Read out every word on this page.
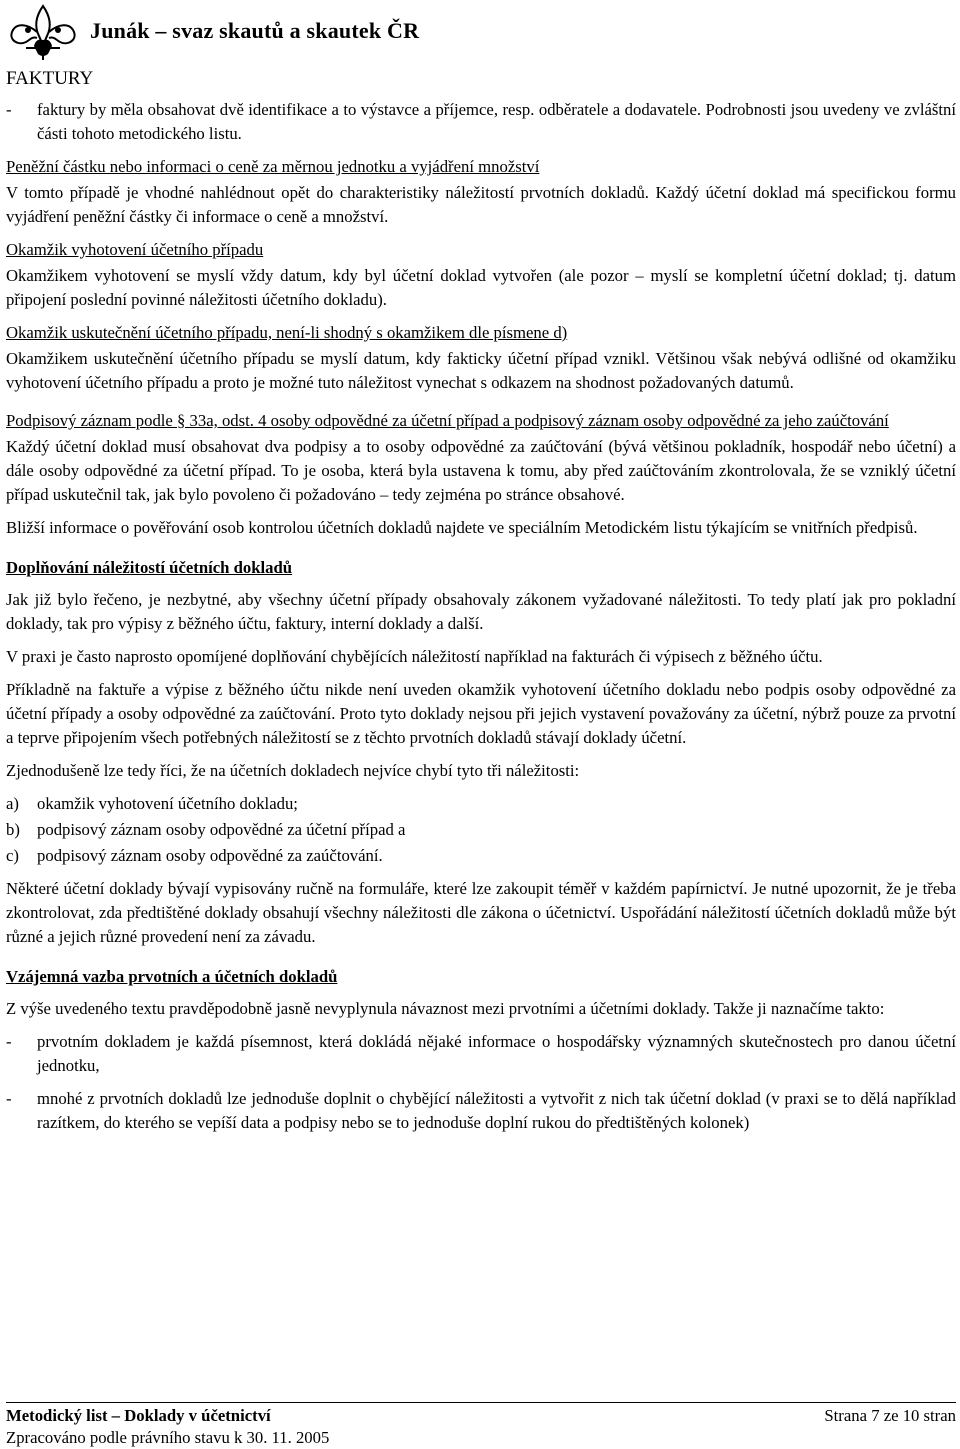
Junák – svaz skautů a skautek ČR
FAKTURY
-	faktury by měla obsahovat dvě identifikace a to výstavce a příjemce, resp. odběratele a dodavatele. Podrobnosti jsou uvedeny ve zvláštní části tohoto metodického listu.

Peněžní částku nebo informaci o ceně za měrnou jednotku a vyjádření množství

V tomto případě je vhodné nahlédnout opět do charakteristiky náležitostí prvotních dokladů. Každý účetní doklad má specifickou formu vyjádření peněžní částky či informace o ceně a množství.

Okamžik vyhotovení účetního případu

Okamžikem vyhotovení se myslí vždy datum, kdy byl účetní doklad vytvořen (ale pozor – myslí se kompletní účetní doklad; tj. datum připojení poslední povinné náležitosti účetního dokladu).

Okamžik uskutečnění účetního případu, není-li shodný s okamžikem dle písmene d)

Okamžikem uskutečnění účetního případu se myslí datum, kdy fakticky účetní případ vznikl. Většinou však nebývá odlišné od okamžiku vyhotovení účetního případu a proto je možné tuto náležitost vynechat s odkazem na shodnost požadovaných datumů.

Podpisový záznam podle § 33a, odst. 4 osoby odpovědné za účetní případ a podpisový záznam osoby odpovědné za jeho zaúčtování

Každý účetní doklad musí obsahovat dva podpisy a to osoby odpovědné za zaúčtování (bývá většinou pokladník, hospodář nebo účetní) a dále osoby odpovědné za účetní případ. To je osoba, která byla ustavena k tomu, aby před zaúčtováním zkontrolovala, že se vzniklý účetní případ uskutečnil tak, jak bylo povoleno či požadováno – tedy zejména po stránce obsahové.

Bližší informace o pověřování osob kontrolou účetních dokladů najdete ve speciálním Metodickém listu týkajícím se vnitřních předpisů.

Doplňování náležitostí účetních dokladů

Jak již bylo řečeno, je nezbytné, aby všechny účetní případy obsahovaly zákonem vyžadované náležitosti. To tedy platí jak pro pokladní doklady, tak pro výpisy z běžného účtu, faktury, interní doklady a další.

V praxi je často naprosto opomíjené doplňování chybějících náležitostí například na fakturách či výpisech z běžného účtu.

Příkladně na faktuře a výpise z běžného účtu nikde není uveden okamžik vyhotovení účetního dokladu nebo podpis osoby odpovědné za účetní případy a osoby odpovědné za zaúčtování. Proto tyto doklady nejsou při jejich vystavení považovány za účetní, nýbrž pouze za prvotní a teprve připojením všech potřebných náležitostí se z těchto prvotních dokladů stávají doklady účetní.

Zjednodušeně lze tedy říci, že na účetních dokladech nejvíce chybí tyto tři náležitosti:

a)	okamžik vyhotovení účetního dokladu;
b)	podpisový záznam osoby odpovědné za účetní případ a
c)	podpisový záznam osoby odpovědné za zaúčtování.

Některé účetní doklady bývají vypisovány ručně na formuláře, které lze zakoupit téměř v každém papírnictví. Je nutné upozornit, že je třeba zkontrolovat, zda předtištěné doklady obsahují všechny náležitosti dle zákona o účetnictví. Uspořádání náležitostí účetních dokladů může být různé a jejich různé provedení není za závadu.

Vzájemná vazba prvotních a účetních dokladů

Z výše uvedeného textu pravděpodobně jasně nevyplynula návaznost mezi prvotními a účetními doklady. Takže ji naznačíme takto:

-	prvotním dokladem je každá písemnost, která dokládá nějaké informace o hospodářsky významných skutečnostech pro danou účetní jednotku,
-	mnohé z prvotních dokladů lze jednoduše doplnit o chybějící náležitosti a vytvořit z nich tak účetní doklad (v praxi se to dělá například razítkem, do kterého se vepíší data a podpisy nebo se to jednoduše doplní rukou do předtištěných kolonek)
Metodický list – Doklady v účetnictví	Strana 7 ze 10 stran
Zpracováno podle právního stavu k 30. 11. 2005
